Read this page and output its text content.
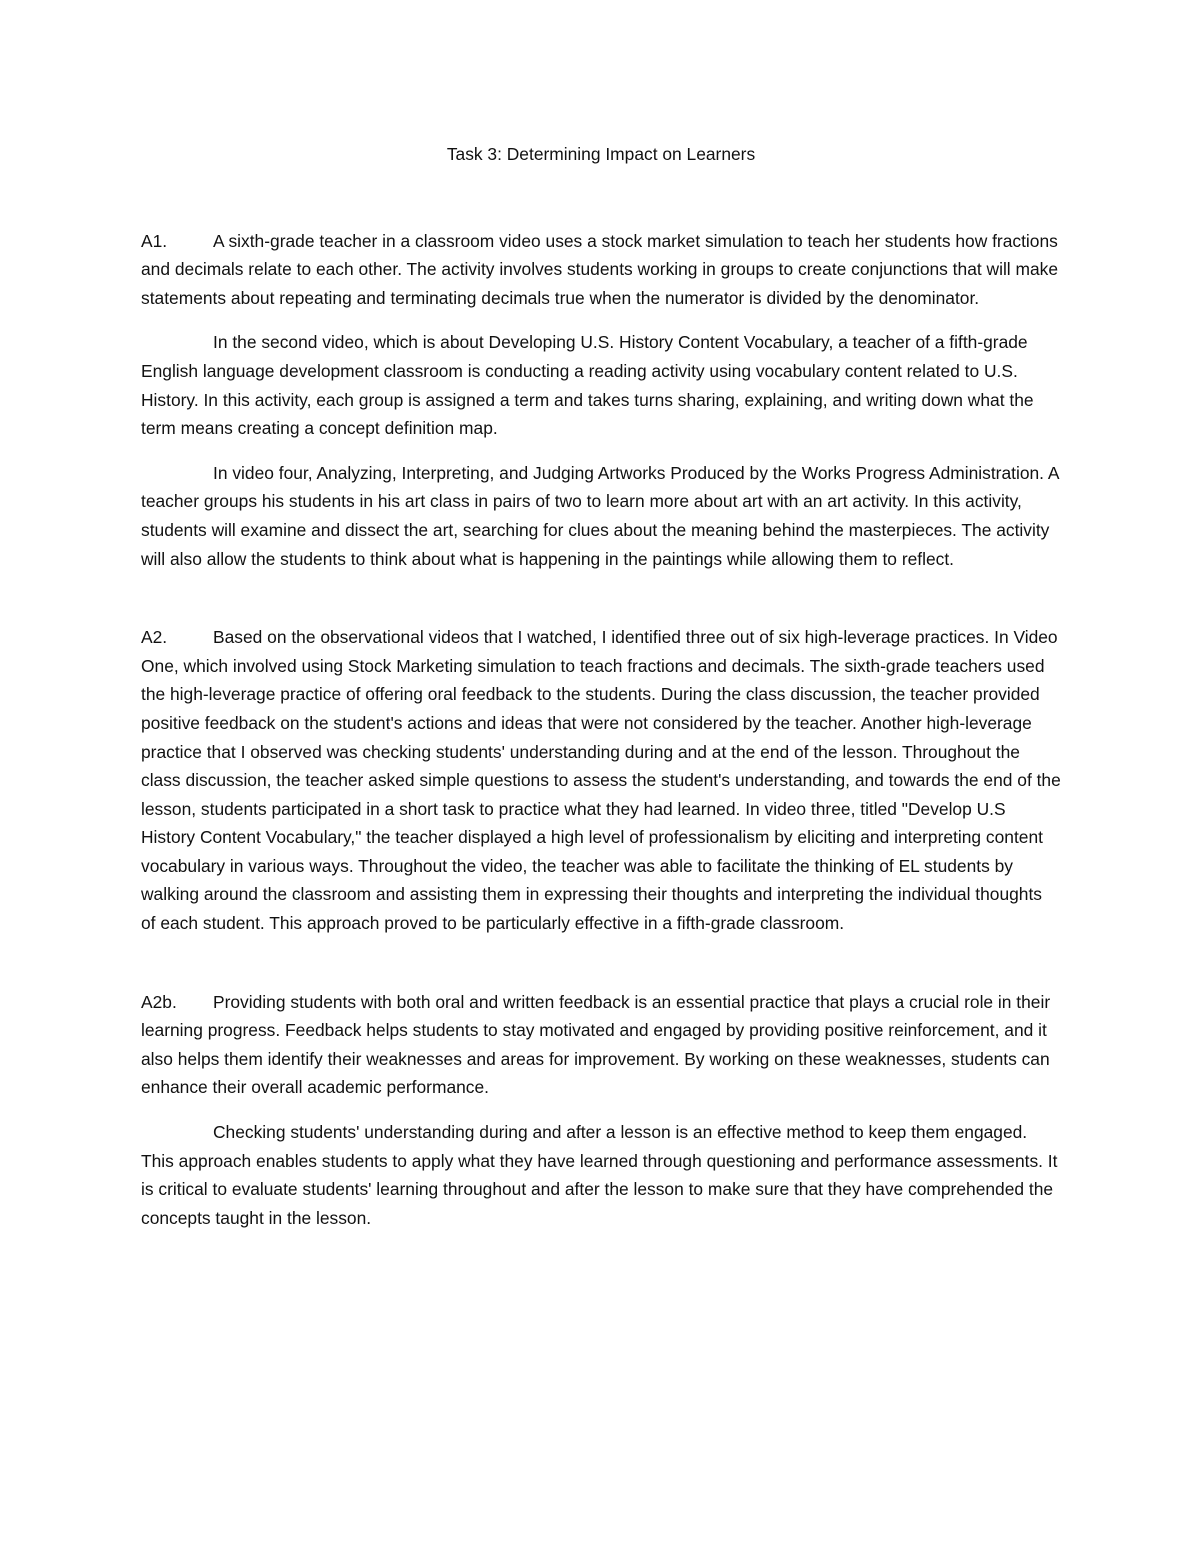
Task 3: Determining Impact on Learners

A1.	A sixth-grade teacher in a classroom video uses a stock market simulation to teach her students how fractions and decimals relate to each other. The activity involves students working in groups to create conjunctions that will make statements about repeating and terminating decimals true when the numerator is divided by the denominator.

In the second video, which is about Developing U.S. History Content Vocabulary, a teacher of a fifth-grade English language development classroom is conducting a reading activity using vocabulary content related to U.S. History. In this activity, each group is assigned a term and takes turns sharing, explaining, and writing down what the term means creating a concept definition map.

In video four, Analyzing, Interpreting, and Judging Artworks Produced by the Works Progress Administration. A teacher groups his students in his art class in pairs of two to learn more about art with an art activity. In this activity, students will examine and dissect the art, searching for clues about the meaning behind the masterpieces. The activity will also allow the students to think about what is happening in the paintings while allowing them to reflect.

A2.	Based on the observational videos that I watched, I identified three out of six high-leverage practices. In Video One, which involved using Stock Marketing simulation to teach fractions and decimals. The sixth-grade teachers used the high-leverage practice of offering oral feedback to the students. During the class discussion, the teacher provided positive feedback on the student's actions and ideas that were not considered by the teacher. Another high-leverage practice that I observed was checking students' understanding during and at the end of the lesson. Throughout the class discussion, the teacher asked simple questions to assess the student's understanding, and towards the end of the lesson, students participated in a short task to practice what they had learned. In video three, titled "Develop U.S History Content Vocabulary," the teacher displayed a high level of professionalism by eliciting and interpreting content vocabulary in various ways. Throughout the video, the teacher was able to facilitate the thinking of EL students by walking around the classroom and assisting them in expressing their thoughts and interpreting the individual thoughts of each student. This approach proved to be particularly effective in a fifth-grade classroom.

A2b. Providing students with both oral and written feedback is an essential practice that plays a crucial role in their learning progress. Feedback helps students to stay motivated and engaged by providing positive reinforcement, and it also helps them identify their weaknesses and areas for improvement. By working on these weaknesses, students can enhance their overall academic performance.

Checking students' understanding during and after a lesson is an effective method to keep them engaged. This approach enables students to apply what they have learned through questioning and performance assessments. It is critical to evaluate students' learning throughout and after the lesson to make sure that they have comprehended the concepts taught in the lesson.
